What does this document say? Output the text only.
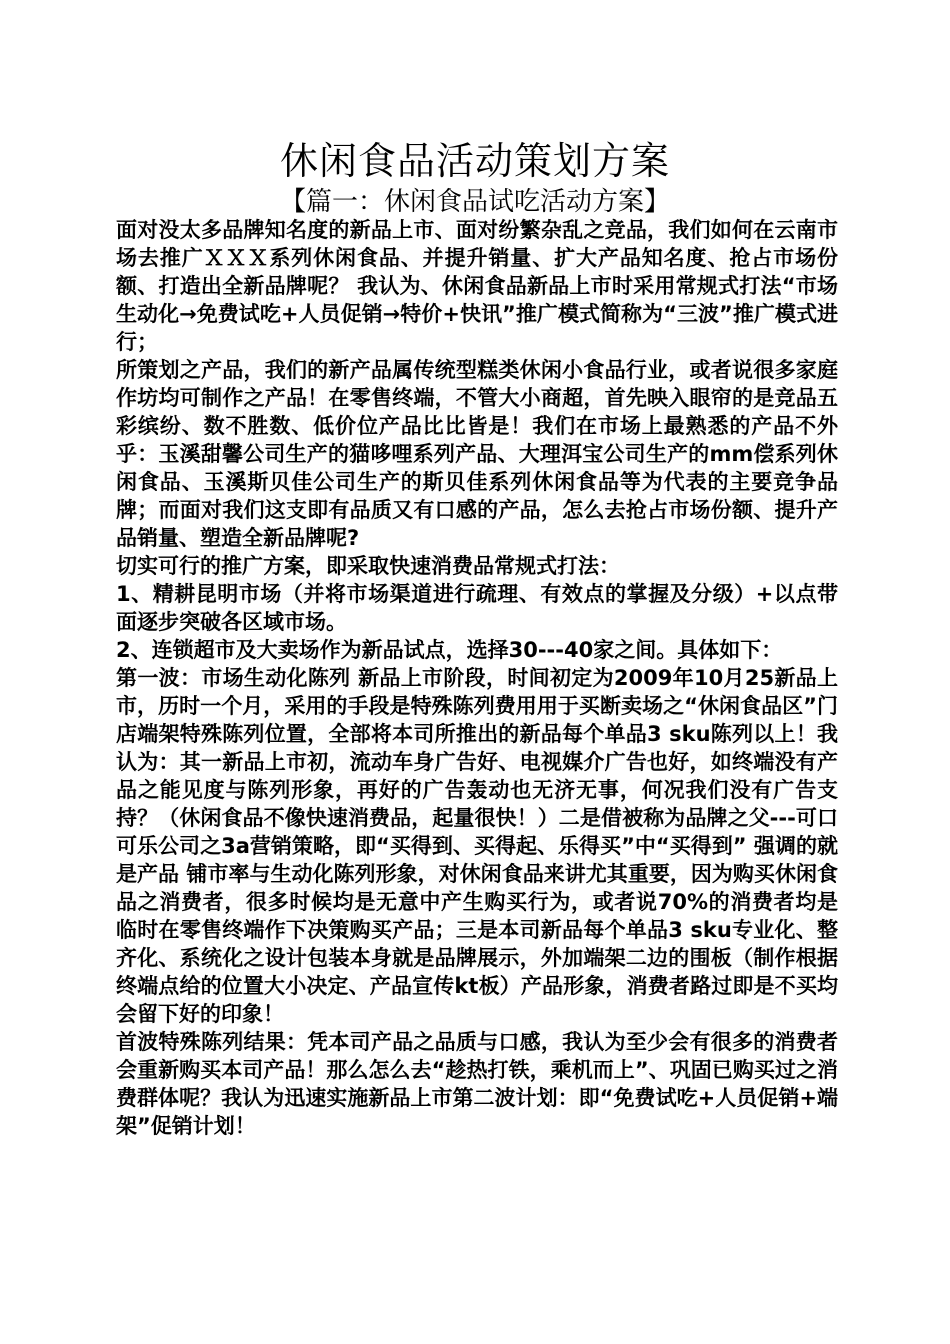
休闲食品活动策划方案
【篇一：休闲食品试吃活动方案】

面对没太多品牌知名度的新品上市、面对纷繁杂乱之竞品，我们如何在云南市场去推广ＸＸＸ系列休闲食品、并提升销量、扩大产品知名度、抢占市场份额、打造出全新品牌呢？ 我认为、休闲食品新品上市时采用常规式打法“市场生动化→免费试吃+人员促销→特价+快讯”推广模式简称为“三波”推广模式进行；

所策划之产品，我们的新产品属传统型糕类休闲小食品行业，或者说很多家庭作坊均可制作之产品！在零售终端，不管大小商超，首先映入眼帘的是竞品五彩缤纷、数不胜数、低价位产品比比皆是！我们在市场上最熟悉的产品不外乎：玉溪甜馨公司生产的猫哆哩系列产品、大理洱宝公司生产的mm偿系列休闲食品、玉溪斯贝佳公司生产的斯贝佳系列休闲食品等为代表的主要竞争品牌；而面对我们这支即有品质又有口感的产品，怎么去抢占市场份额、提升产品销量、塑造全新品牌呢?

切实可行的推广方案，即采取快速消费品常规式打法：

1、精耕昆明市场（并将市场渠道进行疏理、有效点的掌握及分级）+以点带面逐步突破各区域市场。

2、连锁超市及大卖场作为新品试点，选择30---40家之间。具体如下：

第一波：市场生动化陈列 新品上市阶段，时间初定为2009年10月25新品上市，历时一个月，采用的手段是特殊陈列费用用于买断卖场之“休闲食品区”门店端架特殊陈列位置，全部将本司所推出的新品每个单品3 sku陈列以上！我认为：其一新品上市初，流动车身广告好、电视媒介广告也好，如终端没有产品之能见度与陈列形象，再好的广告轰动也无济无事，何况我们没有广告支持？（休闲食品不像快速消费品，起量很快！）二是借被称为品牌之父---可口可乐公司之3a营销策略，即“买得到、买得起、乐得买”中“买得到” 强调的就是产品 铺市率与生动化陈列形象，对休闲食品来讲尤其重要，因为购买休闲食品之消费者，很多时候均是无意中产生购买行为，或者说70%的消费者均是临时在零售终端作下决策购买产品；三是本司新品每个单品3 sku专业化、整齐化、系统化之设计包装本身就是品牌展示，外加端架二边的围板（制作根据终端点给的位置大小决定、产品宣传kt板）产品形象，消费者路过即是不买均会留下好的印象！

首波特殊陈列结果：凭本司产品之品质与口感，我认为至少会有很多的消费者会重新购买本司产品！那么怎么去“趁热打铁，乘机而上”、巩固已购买过之消费群体呢？我认为迅速实施新品上市第二波计划：即“免费试吃+人员促销+端架”促销计划！
